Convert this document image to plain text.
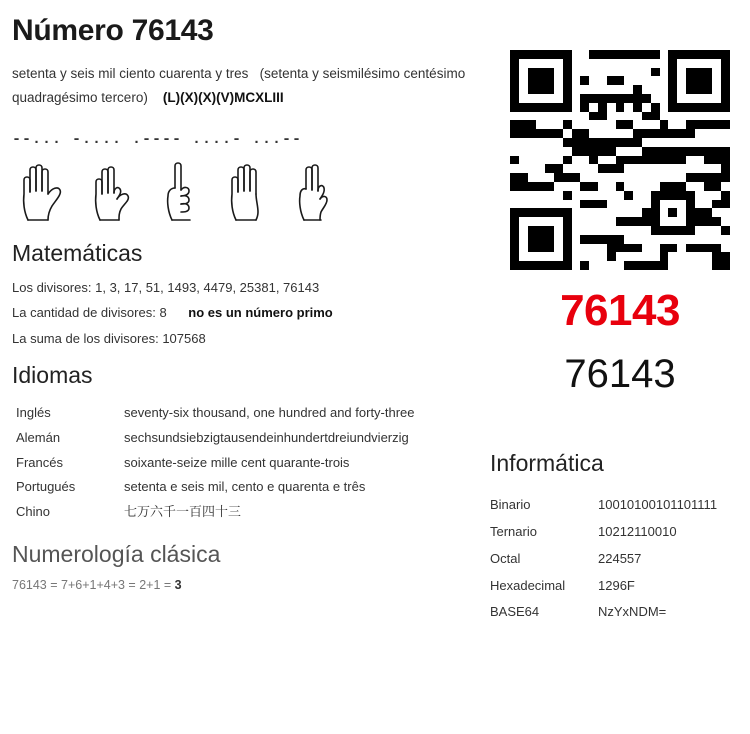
Número 76143

setenta y seis mil ciento cuarenta y tres (setenta y seismilésimo centésimo quadragésimo tercero) (L)(X)(X)(V)MCXLIII

--... -.... .---- ....- ...--
Matemáticas
Los divisores: 1, 3, 17, 51, 1493, 4479, 25381, 76143
La cantidad de divisores: 8 no es un número primo
La suma de los divisores: 107568
Idiomas
Inglés	seventy-six thousand, one hundred and forty-three
Alemán	sechsundsiebzigtausendeinhundertdreiundvierzig
Francés	soixante-seize mille cent quarante-trois
Portugués	setenta e seis mil, cento e quarenta e três
Chino	七万六千一百四十三
Numerología clásica
76143 = 7+6+1+4+3 = 2+1 = 3
76143
76143
Informática
Binario	10010100101101111
Ternario	10212110010
Octal	224557
Hexadecimal	1296F
BASE64	NzYxNDM=
